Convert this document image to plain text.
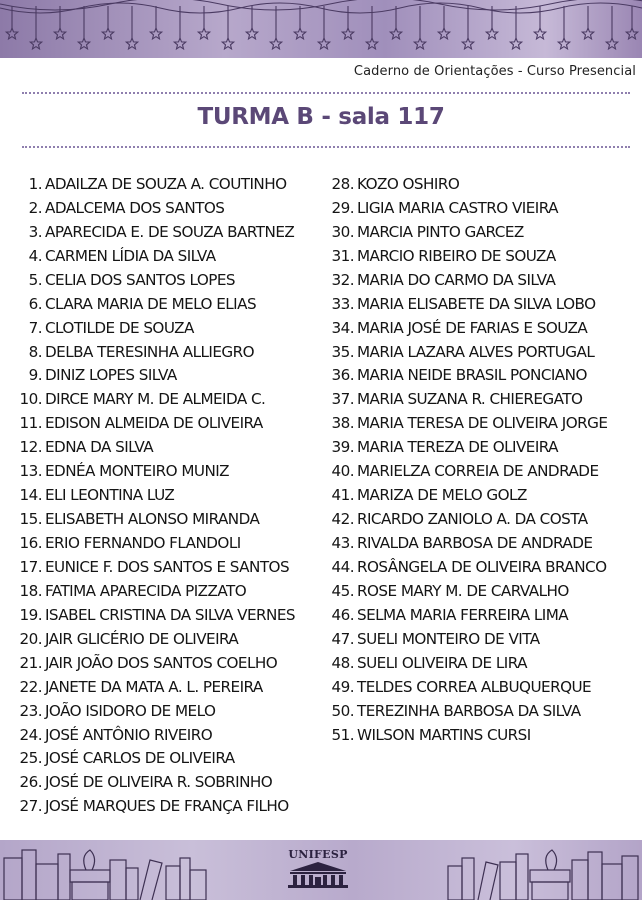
Caderno de Orientações - Curso Presencial
TURMA B - sala 117
1. ADAILZA DE SOUZA A. COUTINHO
2. ADALCEMA DOS SANTOS
3. APARECIDA E. DE SOUZA BARTNEZ
4. CARMEN LÍDIA DA SILVA
5. CELIA DOS SANTOS LOPES
6. CLARA MARIA DE MELO ELIAS
7. CLOTILDE DE SOUZA
8. DELBA TERESINHA ALLIEGRO
9. DINIZ LOPES SILVA
10. DIRCE MARY M. DE ALMEIDA C.
11. EDISON ALMEIDA DE OLIVEIRA
12. EDNA DA SILVA
13. EDNÉA MONTEIRO MUNIZ
14. ELI LEONTINA LUZ
15. ELISABETH ALONSO MIRANDA
16. ERIO FERNANDO FLANDOLI
17. EUNICE F. DOS SANTOS E SANTOS
18. FATIMA APARECIDA PIZZATO
19. ISABEL CRISTINA DA SILVA VERNES
20. JAIR GLICÉRIO DE OLIVEIRA
21. JAIR JOÃO DOS SANTOS COELHO
22. JANETE DA MATA A. L. PEREIRA
23. JOÃO ISIDORO DE MELO
24. JOSÉ ANTÔNIO RIVEIRO
25. JOSÉ CARLOS DE OLIVEIRA
26. JOSÉ DE OLIVEIRA R. SOBRINHO
27. JOSÉ MARQUES DE FRANÇA FILHO
28. KOZO OSHIRO
29. LIGIA MARIA CASTRO VIEIRA
30. MARCIA PINTO GARCEZ
31. MARCIO RIBEIRO DE SOUZA
32. MARIA DO CARMO DA SILVA
33. MARIA ELISABETE DA SILVA LOBO
34. MARIA JOSÉ DE FARIAS E SOUZA
35. MARIA LAZARA ALVES PORTUGAL
36. MARIA NEIDE BRASIL PONCIANO
37. MARIA SUZANA R. CHIEREGATO
38. MARIA TERESA DE OLIVEIRA JORGE
39. MARIA TEREZA DE OLIVEIRA
40. MARIELZA CORREIA DE ANDRADE
41. MARIZA DE MELO GOLZ
42. RICARDO ZANIOLO A. DA COSTA
43. RIVALDA BARBOSA DE ANDRADE
44. ROSÂNGELA DE OLIVEIRA BRANCO
45. ROSE MARY M. DE CARVALHO
46. SELMA MARIA FERREIRA LIMA
47. SUELI MONTEIRO DE VITA
48. SUELI OLIVEIRA DE LIRA
49. TELDES CORREA ALBUQUERQUE
50. TEREZINHA BARBOSA DA SILVA
51. WILSON MARTINS CURSI
UNIFESP
